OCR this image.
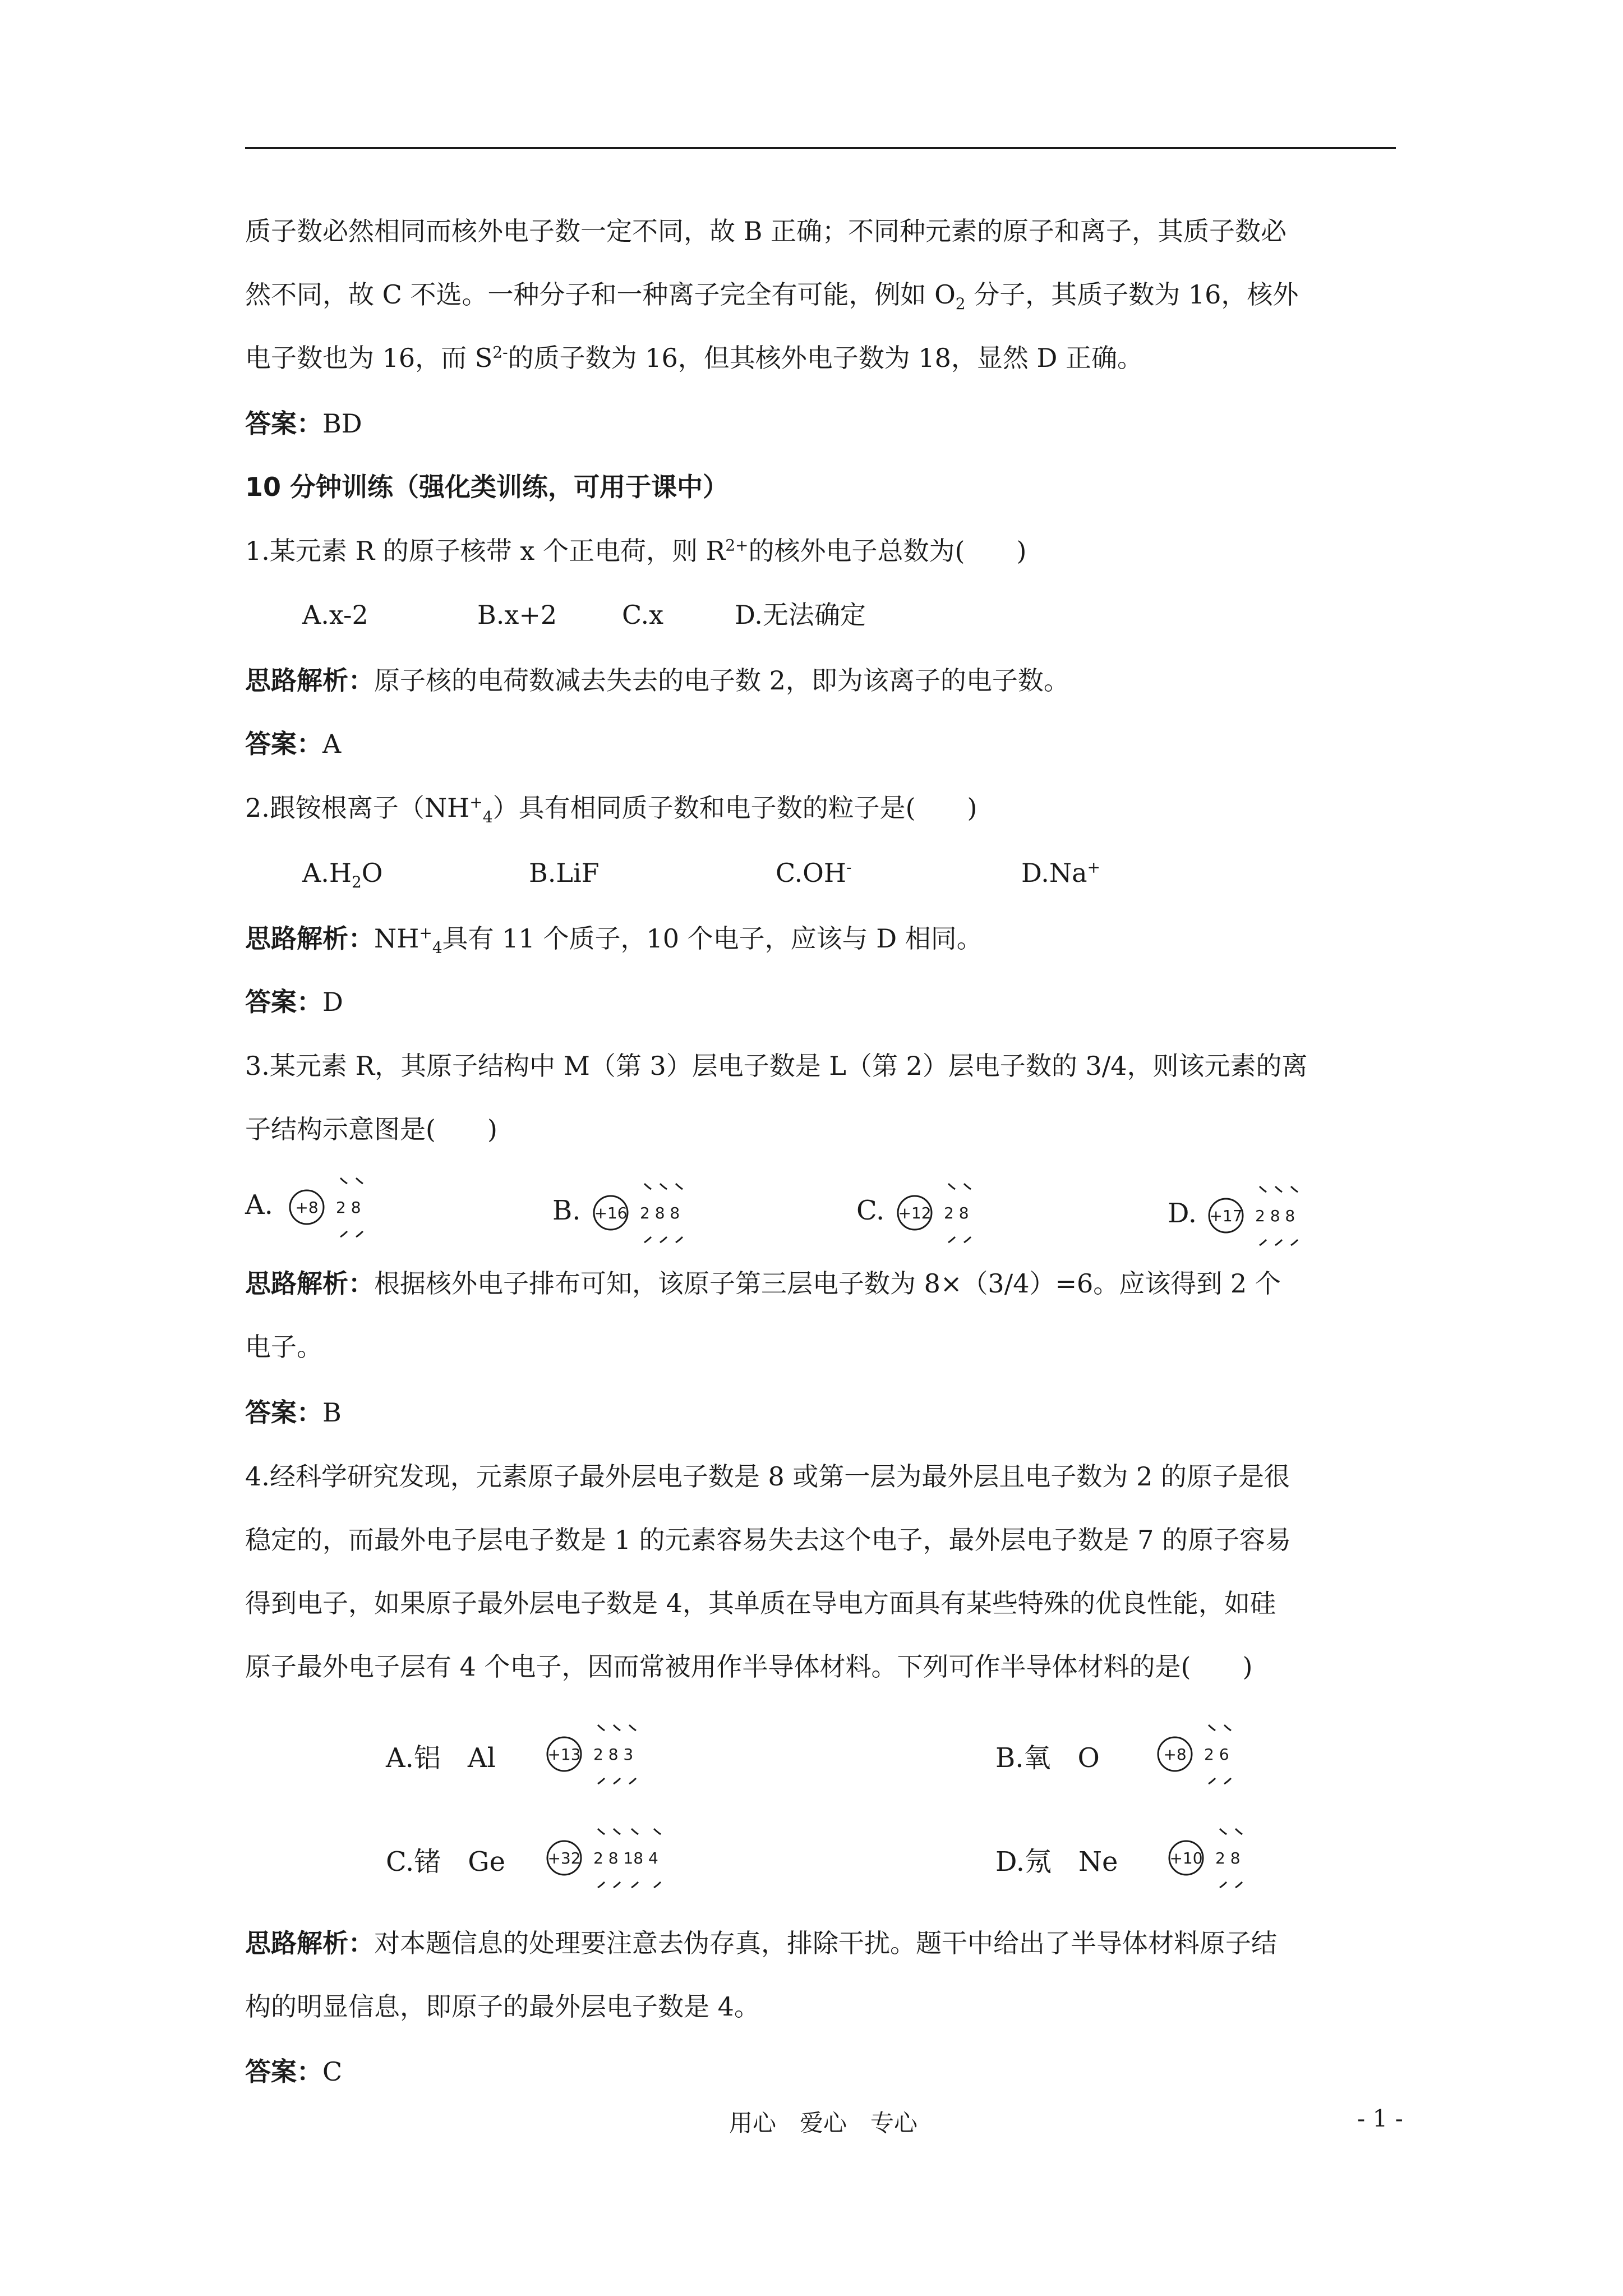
质子数必然相同而核外电子数一定不同，故 B 正确；不同种元素的原子和离子，其质子数必
然不同，故 C 不选。一种分子和一种离子完全有可能，例如 $O_2$ 分子，其质子数为 16，核外
电子数也为 16，而 $S^{2-}$的质子数为 16，但其核外电子数为 18，显然 D 正确。
答案：BD
10 分钟训练（强化类训练，可用于课中）
1.某元素 R 的原子核带 x 个正电荷，则 $R^{2+}$的核外电子总数为(　　)
A.x-2	B.x+2	C.x	D.无法确定
思路解析：原子核的电荷数减去失去的电子数 2，即为该离子的电子数。
答案：A
2.跟铵根离子$(NH^+_4)$具有相同质子数和电子数的粒子是(　　)
$A.H_2O$	B.LiF	C.OH-	D.Na+
思路解析：$NH^+_4$具有 11 个质子，10 个电子，应该与 D 相同。
答案：D
3.某元素 R，其原子结构中 M（第 3）层电子数是 L（第 2）层电子数的 3/4，则该元素的离
子结构示意图是(　　)
A. +8 2 8	B. +16 2 8 8	C. +12 2 8	D. +17 2 8 8
思路解析：根据核外电子排布可知，该原子第三层电子数为 8×（3/4）=6。应该得到 2 个
电子。
答案：B
4.经科学研究发现，元素原子最外层电子数是 8 或第一层为最外层且电子数为 2 的原子是很
稳定的，而最外电子层电子数是 1 的元素容易失去这个电子，最外层电子数是 7 的原子容易
得到电子，如果原子最外层电子数是 4，其单质在导电方面具有某些特殊的优良性能，如硅
原子最外电子层有 4 个电子，因而常被用作半导体材料。下列可作半导体材料的是(　　)
A.铝　Al	+13 2 8 3	B.氧　O	+8 2 6
C.锗　Ge	+32 2 8 18 4	D.氖　Ne	+10 2 8
思路解析：对本题信息的处理要注意去伪存真，排除干扰。题干中给出了半导体材料原子结
构的明显信息，即原子的最外层电子数是 4。
答案：C
用心　爱心　专心	- 1 -
